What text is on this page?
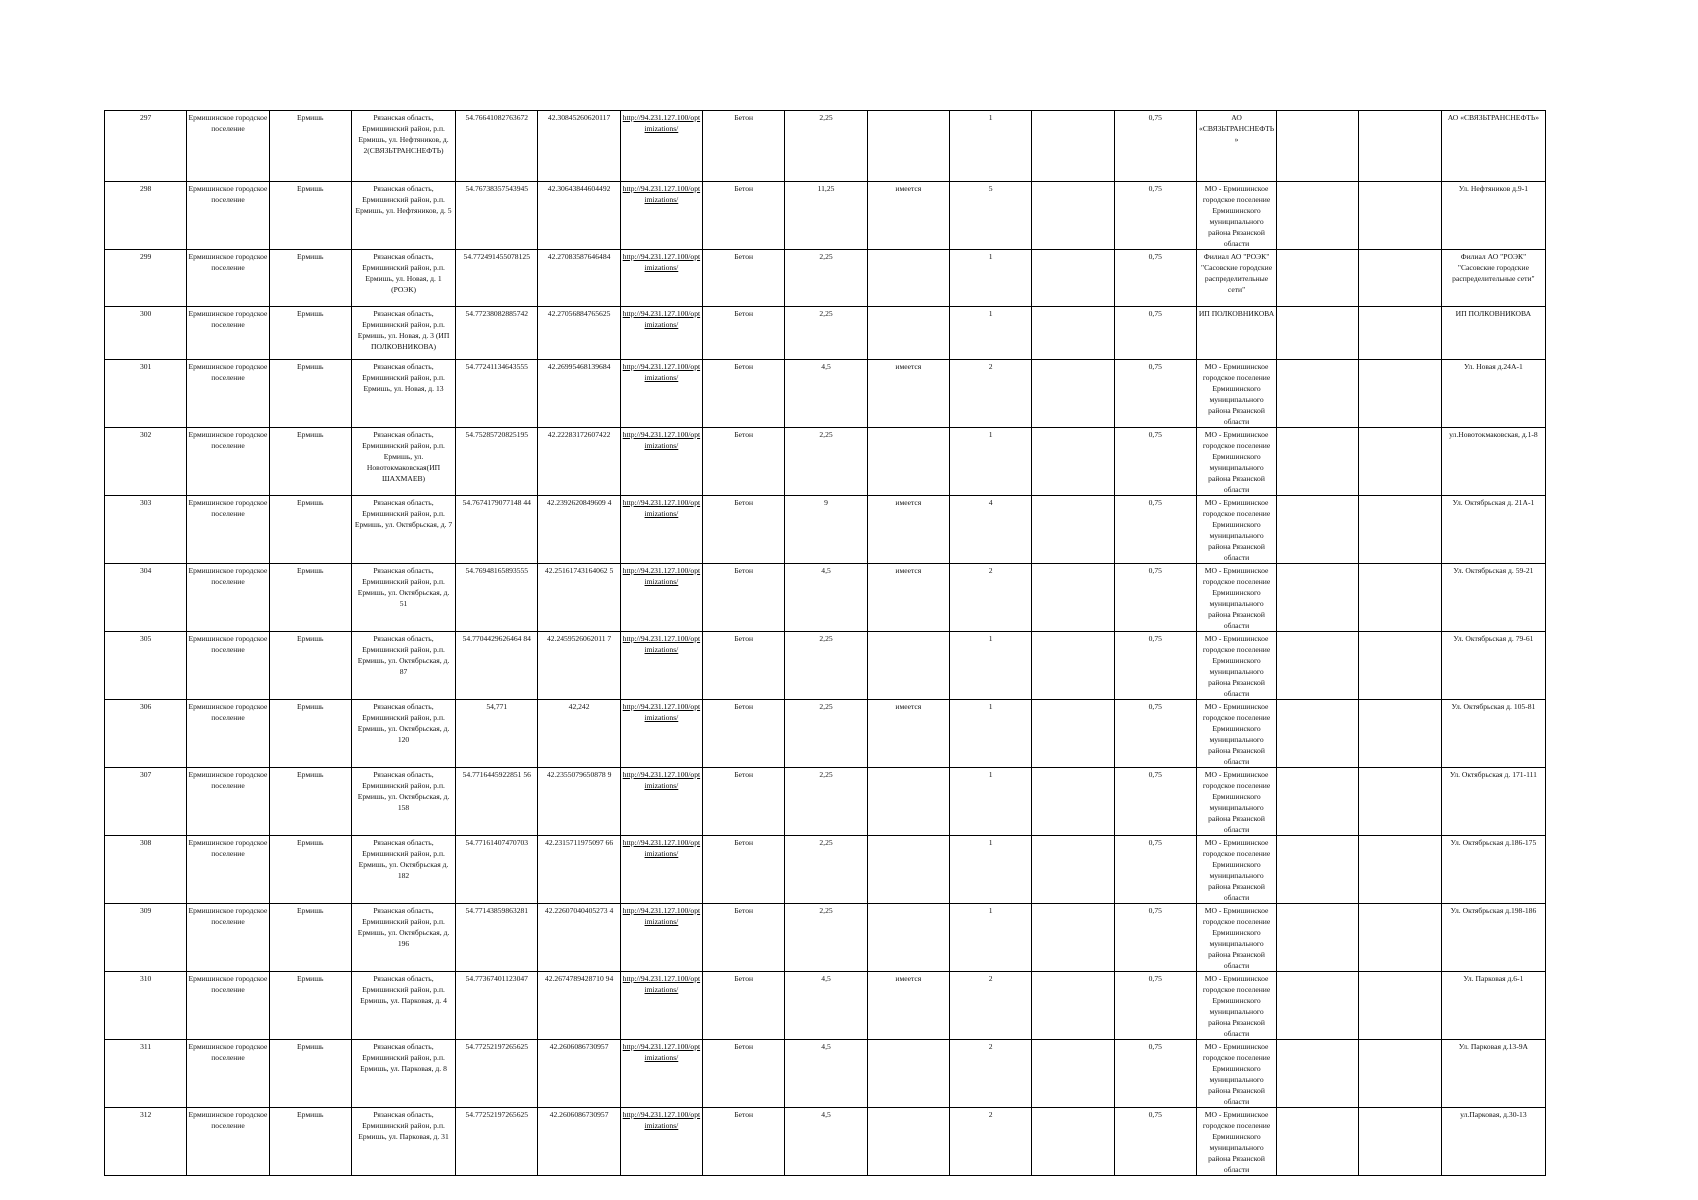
297	Ермишинское городское поселение	Ермишь	Рязанская область, Ермишинский район, р.п. Ермишь, ул. Нефтяников, д. 2(СВЯЗЬТРАНСНЕФТЬ)	54.76641082763672	42.30845260620117	http://94.231.127.100/optimizations/	Бетон	2,25		1		0,75	АО «СВЯЗЬТРАНСНЕФТЬ»			АО «СВЯЗЬТРАНСНЕФТЬ»
298	Ермишинское городское поселение	Ермишь	Рязанская область, Ермишинский район, р.п. Ермишь, ул. Нефтяников, д. 5	54.76738357543945	42.30643844604492	http://94.231.127.100/optimizations/	Бетон	11,25	имеется	5		0,75	МО - Ермишинское городское поселение Ермишинского муниципального района Рязанской области			Ул. Нефтяников д.9-1
299	Ермишинское городское поселение	Ермишь	Рязанская область, Ермишинский район, р.п. Ермишь, ул. Новая, д. 1 (РОЭК)	54.772491455078125	42.27083587646484	http://94.231.127.100/optimizations/	Бетон	2,25		1		0,75	Филиал АО "РОЭК" "Сасовские городские распределительные сети"			Филиал АО "РОЭК" "Сасовские городские распределительные сети"
300	Ермишинское городское поселение	Ермишь	Рязанская область, Ермишинский район, р.п. Ермишь, ул. Новая, д. 3 (ИП ПОЛКОВНИКОВА)	54.77238082885742	42.27056884765625	http://94.231.127.100/optimizations/	Бетон	2,25		1		0,75	ИП ПОЛКОВНИКОВА			ИП ПОЛКОВНИКОВА
301	Ермишинское городское поселение	Ермишь	Рязанская область, Ермишинский район, р.п. Ермишь, ул. Новая, д. 13	54.77241134643555	42.26995468139684	http://94.231.127.100/optimizations/	Бетон	4,5	имеется	2		0,75	МО - Ермишинское городское поселение Ермишинского муниципального района Рязанской области			Ул. Новая д.24А-1
302	Ермишинское городское поселение	Ермишь	Рязанская область, Ермишинский район, р.п. Ермишь, ул. Новотокмаковская(ИП ШАХМАЕВ)	54.75285720825195	42.22283172607422	http://94.231.127.100/optimizations/	Бетон	2,25		1		0,75	МО - Ермишинское городское поселение Ермишинского муниципального района Рязанской области			ул.Новотокмаковская, д.1-8
303	Ермишинское городское поселение	Ермишь	Рязанская область, Ермишинский район, р.п. Ермишь, ул. Октябрьская, д. 7	54.7674179077148 44	42.2392620849609 4	http://94.231.127.100/optimizations/	Бетон	9	имеется	4		0,75	МО - Ермишинское городское поселение Ермишинского муниципального района Рязанской области			Ул. Октябрьская д. 21А-1
304	Ермишинское городское поселение	Ермишь	Рязанская область, Ермишинский район, р.п. Ермишь, ул. Октябрьская, д. 51	54.76948165893555	42.25161743164062 5	http://94.231.127.100/optimizations/	Бетон	4,5	имеется	2		0,75	МО - Ермишинское городское поселение Ермишинского муниципального района Рязанской области			Ул. Октябрьская д. 59-21
305	Ермишинское городское поселение	Ермишь	Рязанская область, Ермишинский район, р.п. Ермишь, ул. Октябрьская, д. 87	54.7704429626464 84	42.2459526062011 7	http://94.231.127.100/optimizations/	Бетон	2,25		1		0,75	МО - Ермишинское городское поселение Ермишинского муниципального района Рязанской области			Ул. Октябрьская д. 79-61
306	Ермишинское городское поселение	Ермишь	Рязанская область, Ермишинский район, р.п. Ермишь, ул. Октябрьская, д. 120	54,771	42,242	http://94.231.127.100/optimizations/	Бетон	2,25	имеется	1		0,75	МО - Ермишинское городское поселение Ермишинского муниципального района Рязанской области			Ул. Октябрьская д. 105-81
307	Ермишинское городское поселение	Ермишь	Рязанская область, Ермишинский район, р.п. Ермишь, ул. Октябрьская, д. 158	54.7716445922851 56	42.2355079650878 9	http://94.231.127.100/optimizations/	Бетон	2,25		1		0,75	МО - Ермишинское городское поселение Ермишинского муниципального района Рязанской области			Ул. Октябрьская д. 171-111
308	Ермишинское городское поселение	Ермишь	Рязанская область, Ермишинский район, р.п. Ермишь, ул. Октябрьская д. 182	54.77161407470703	42.2315711975097 66	http://94.231.127.100/optimizations/	Бетон	2,25		1		0,75	МО - Ермишинское городское поселение Ермишинского муниципального района Рязанской области			Ул. Октябрьская д.186-175
309	Ермишинское городское поселение	Ермишь	Рязанская область, Ермишинский район, р.п. Ермишь, ул. Октябрьская, д. 196	54.77143859863281	42.22607040405273 4	http://94.231.127.100/optimizations/	Бетон	2,25		1		0,75	МО - Ермишинское городское поселение Ермишинского муниципального района Рязанской области			Ул. Октябрьская д.198-186
310	Ермишинское городское поселение	Ермишь	Рязанская область, Ермишинский район, р.п. Ермишь, ул. Парковая, д. 4	54.77367401123047	42.2674789428710 94	http://94.231.127.100/optimizations/	Бетон	4,5	имеется	2		0,75	МО - Ермишинское городское поселение Ермишинского муниципального района Рязанской области			Ул. Парковая д.6-1
311	Ермишинское городское поселение	Ермишь	Рязанская область, Ермишинский район, р.п. Ермишь, ул. Парковая, д. 8	54.77252197265625	42.2606086730957	http://94.231.127.100/optimizations/	Бетон	4,5		2		0,75	МО - Ермишинское городское поселение Ермишинского муниципального района Рязанской области			Ул. Парковая д.13-9А
312	Ермишинское городское поселение	Ермишь	Рязанская область, Ермишинский район, р.п. Ермишь, ул. Парковая, д. 31	54.77252197265625	42.2606086730957	http://94.231.127.100/optimizations/	Бетон	4,5		2		0,75	МО - Ермишинское городское поселение Ермишинского муниципального района Рязанской области			ул.Парковая, д.30-13
